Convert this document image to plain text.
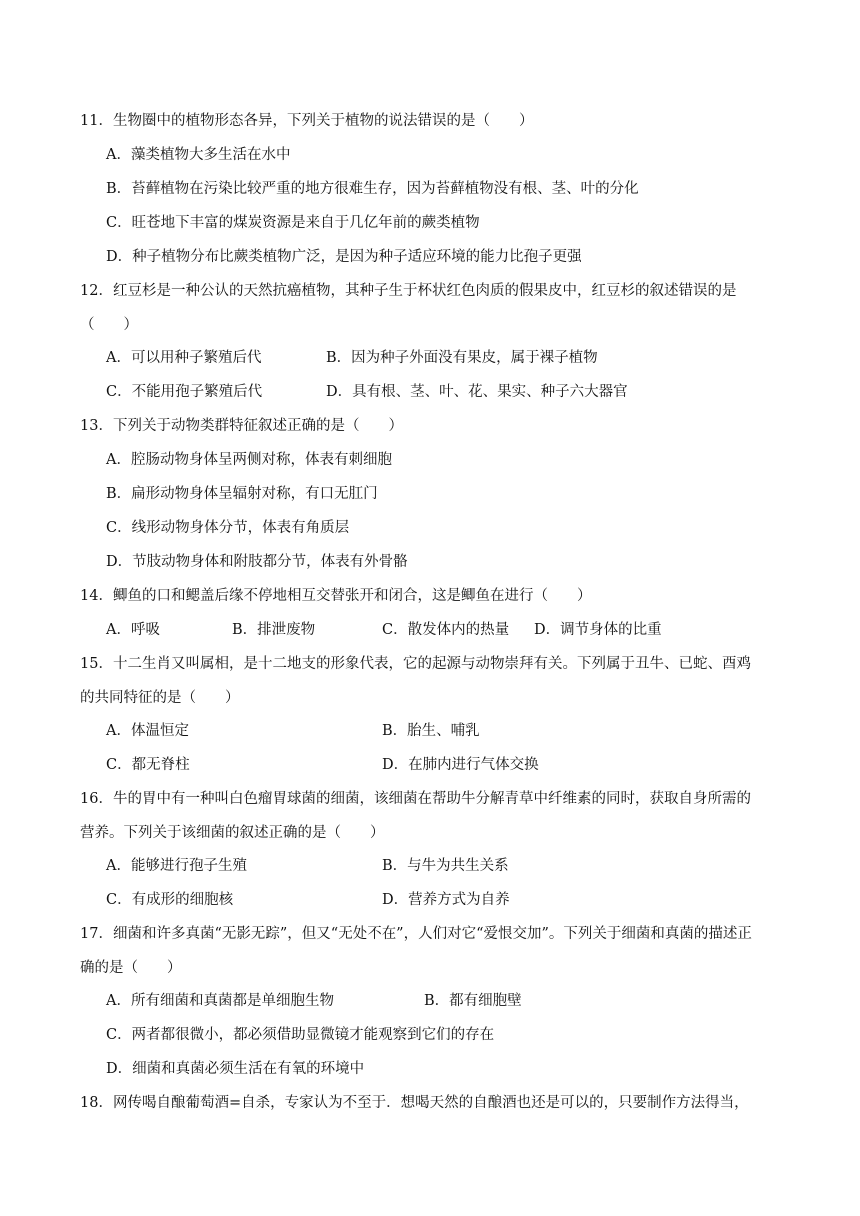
11．生物圈中的植物形态各异，下列关于植物的说法错误的是（　　）
A．藻类植物大多生活在水中
B．苔藓植物在污染比较严重的地方很难生存，因为苔藓植物没有根、茎、叶的分化
C．旺苍地下丰富的煤炭资源是来自于几亿年前的蕨类植物
D．种子植物分布比蕨类植物广泛，是因为种子适应环境的能力比孢子更强
12．红豆杉是一种公认的天然抗癌植物，其种子生于杯状红色肉质的假果皮中，红豆杉的叙述错误的是
（　　）
A．可以用种子繁殖后代	B．因为种子外面没有果皮，属于裸子植物
C．不能用孢子繁殖后代	D．具有根、茎、叶、花、果实、种子六大器官
13．下列关于动物类群特征叙述正确的是（　　）
A．腔肠动物身体呈两侧对称，体表有刺细胞
B．扁形动物身体呈辐射对称，有口无肛门
C．线形动物身体分节，体表有角质层
D．节肢动物身体和附肢都分节，体表有外骨骼
14．鲫鱼的口和鳃盖后缘不停地相互交替张开和闭合，这是鲫鱼在进行（　　）
A．呼吸	B．排泄废物	C．散发体内的热量 D．调节身体的比重
15．十二生肖又叫属相，是十二地支的形象代表，它的起源与动物崇拜有关。下列属于丑牛、已蛇、酉鸡
的共同特征的是（　　）
A．体温恒定	B．胎生、哺乳
C．都无脊柱	D．在肺内进行气体交换
16．牛的胃中有一种叫白色瘤胃球菌的细菌，该细菌在帮助牛分解青草中纤维素的同时，获取自身所需的
营养。下列关于该细菌的叙述正确的是（　　）
A．能够进行孢子生殖	B．与牛为共生关系
C．有成形的细胞核	D．营养方式为自养
17．细菌和许多真菌“无影无踪”，但又“无处不在”，人们对它“爱恨交加”。下列关于细菌和真菌的描述正
确的是（　　）
A．所有细菌和真菌都是单细胞生物	B．都有细胞壁
C．两者都很微小，都必须借助显微镜才能观察到它们的存在
D．细菌和真菌必须生活在有氧的环境中
18．网传喝自酿葡萄酒=自杀，专家认为不至于．想喝天然的自酿酒也还是可以的，只要制作方法得当，
